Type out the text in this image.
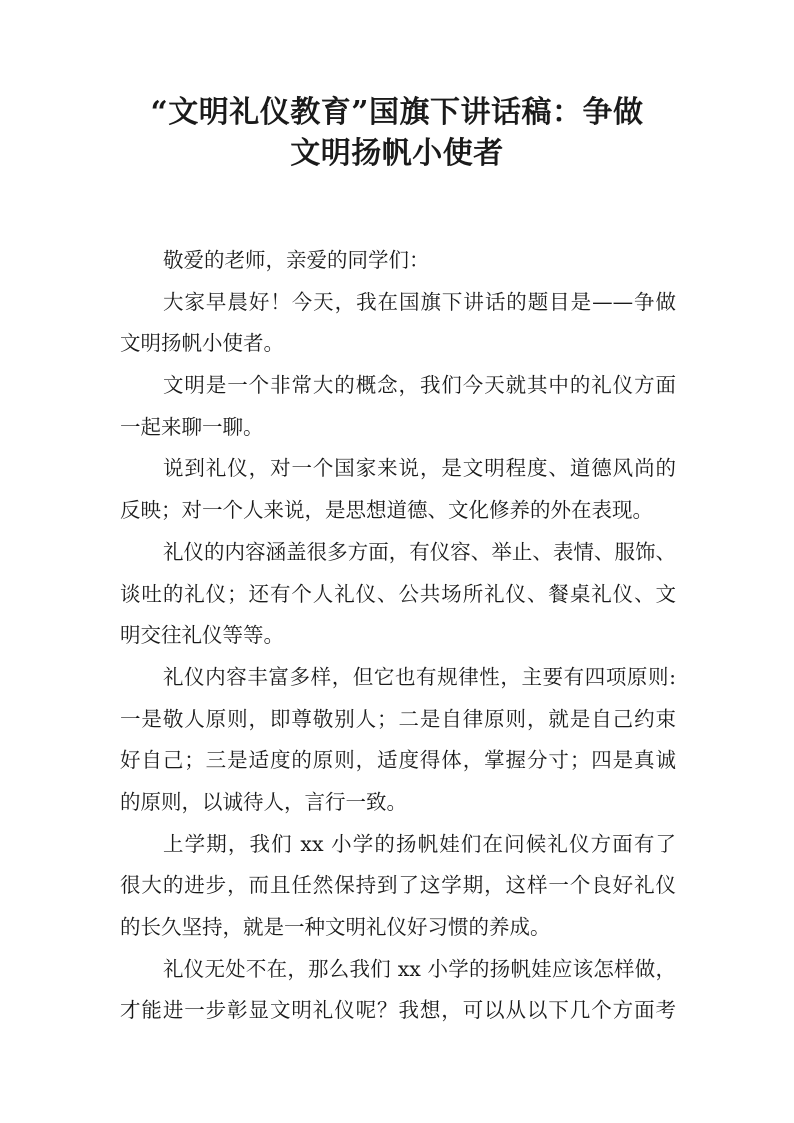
“文明礼仪教育”国旗下讲话稿：争做
文明扬帆小使者
敬爱的老师，亲爱的同学们：
大家早晨好！今天，我在国旗下讲话的题目是——争做
文明扬帆小使者。
文明是一个非常大的概念，我们今天就其中的礼仪方面
一起来聊一聊。
说到礼仪，对一个国家来说，是文明程度、道德风尚的
反映；对一个人来说，是思想道德、文化修养的外在表现。
礼仪的内容涵盖很多方面，有仪容、举止、表情、服饰、
谈吐的礼仪；还有个人礼仪、公共场所礼仪、餐桌礼仪、文
明交往礼仪等等。
礼仪内容丰富多样，但它也有规律性，主要有四项原则:
一是敬人原则，即尊敬别人；二是自律原则，就是自己约束
好自己；三是适度的原则，适度得体，掌握分寸；四是真诚
的原则，以诚待人，言行一致。
上学期，我们 xx 小学的扬帆娃们在问候礼仪方面有了
很大的进步，而且任然保持到了这学期，这样一个良好礼仪
的长久坚持，就是一种文明礼仪好习惯的养成。
礼仪无处不在，那么我们 xx 小学的扬帆娃应该怎样做，
才能进一步彰显文明礼仪呢？我想，可以从以下几个方面考
